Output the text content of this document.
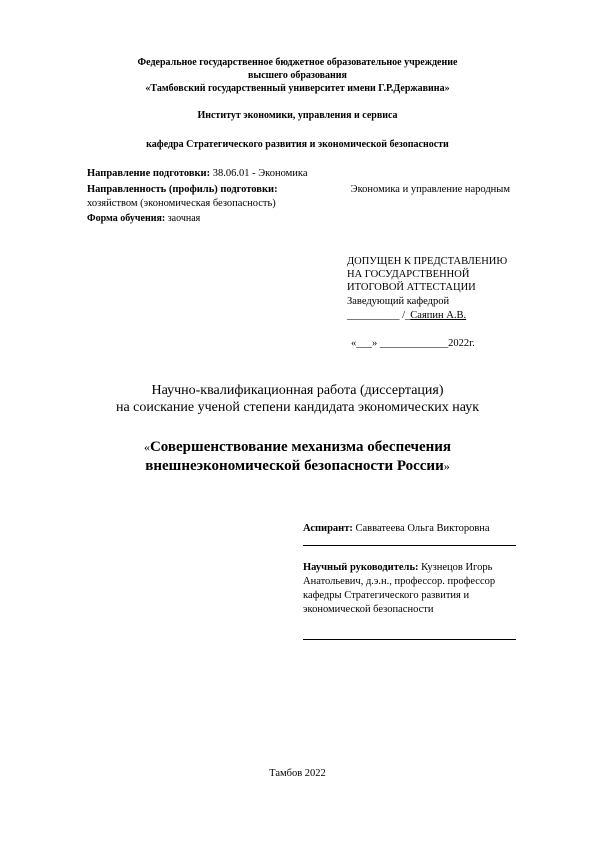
Федеральное государственное бюджетное образовательное учреждение
высшего образования
«Тамбовский государственный университет имени Г.Р.Державина»
Институт экономики, управления и сервиса
кафедра Стратегического развития и экономической безопасности
Направление подготовки: 38.06.01 - Экономика
Направленность (профиль) подготовки:	Экономика и управление народным
хозяйством (экономическая безопасность)
Форма обучения: заочная
ДОПУЩЕН К ПРЕДСТАВЛЕНИЮ
НА ГОСУДАРСТВЕННОЙ
ИТОГОВОЙ АТТЕСТАЦИИ
Заведующий кафедрой
__________ /_Саяпин А.В.
«___» _____________2022г.
Научно-квалификационная работа (диссертация)
на соискание ученой степени кандидата экономических наук
«Совершенствование механизма обеспечения
внешнеэкономической безопасности России»
Аспирант: Савватеева Ольга Викторовна
Научный руководитель: Кузнецов Игорь
Анатольевич, д.э.н., профессор. профессор
кафедры Стратегического развития и
экономической безопасности
Тамбов 2022
